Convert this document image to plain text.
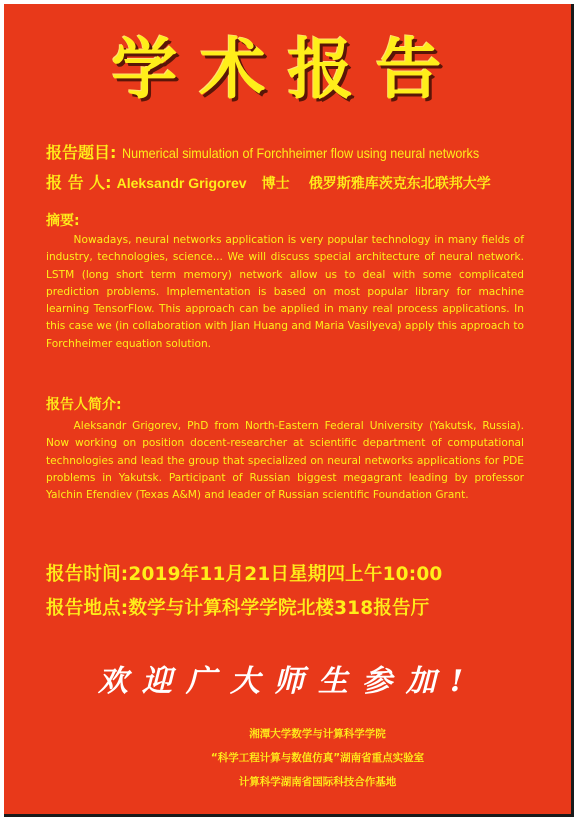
学术报告
报告题目: Numerical simulation of Forchheimer flow using neural networks
报 告 人: Aleksandr Grigorev 博士 俄罗斯雅库茨克东北联邦大学
摘要:
Nowadays, neural networks application is very popular technology in many fields of industry, technologies, science... We will discuss special architecture of neural network. LSTM (long short term memory) network allow us to deal with some complicated prediction problems. Implementation is based on most popular library for machine learning TensorFlow. This approach can be applied in many real process applications. In this case we (in collaboration with Jian Huang and Maria Vasilyeva) apply this approach to Forchheimer equation solution.
报告人简介:
Aleksandr Grigorev, PhD from North-Eastern Federal University (Yakutsk, Russia). Now working on position docent-researcher at scientific department of computational technologies and lead the group that specialized on neural networks applications for PDE problems in Yakutsk. Participant of Russian biggest megagrant leading by professor Yalchin Efendiev (Texas A&M) and leader of Russian scientific Foundation Grant.
报告时间:2019年11月21日星期四上午10:00
报告地点:数学与计算科学学院北楼318报告厅
欢迎广大师生参加!
湘潭大学数学与计算科学学院
“科学工程计算与数值仿真”湖南省重点实验室
计算科学湖南省国际科技合作基地
